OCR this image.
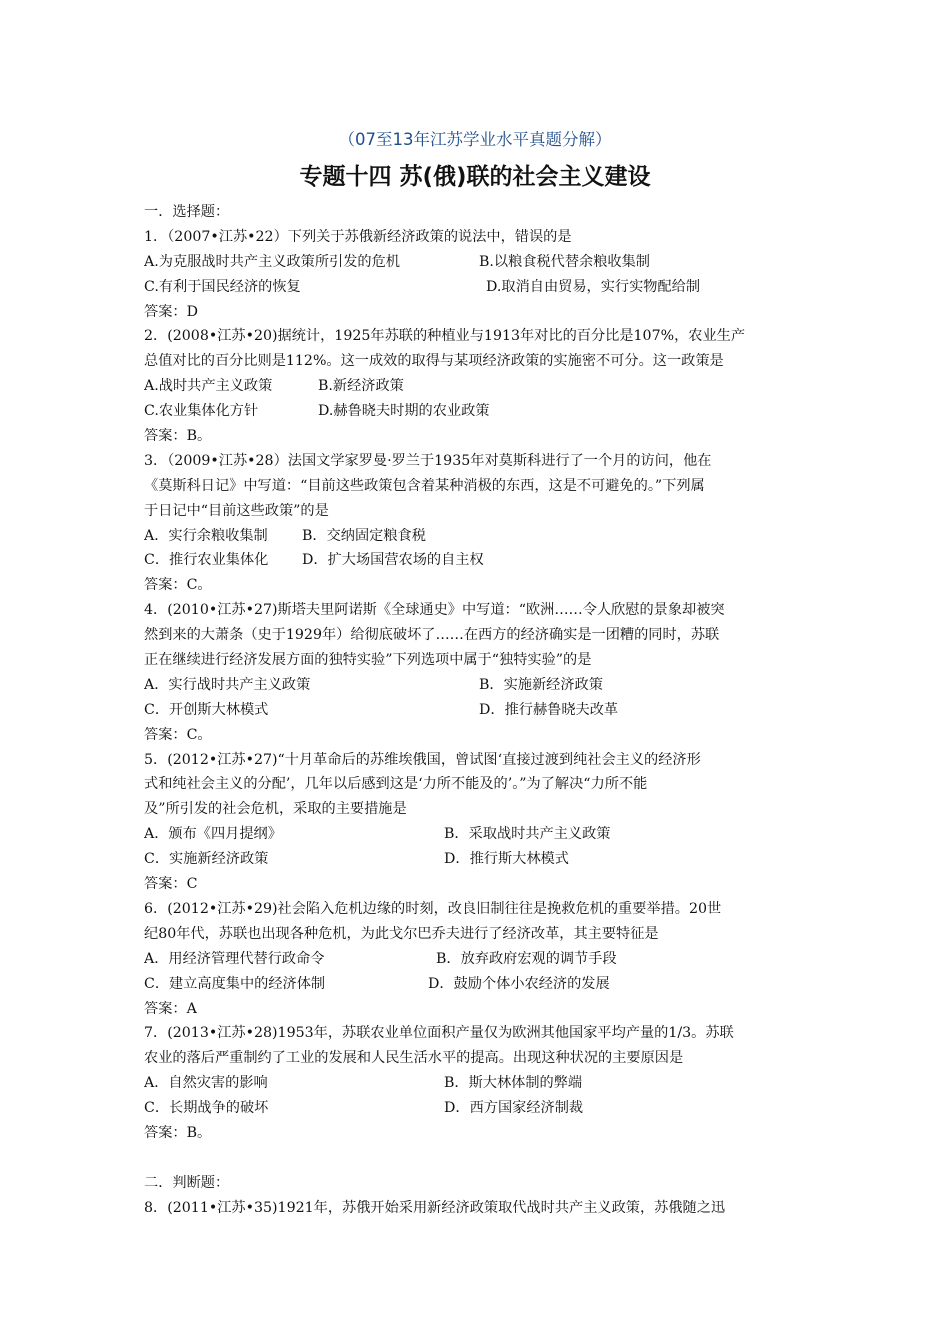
（07至13年江苏学业水平真题分解）
专题十四 苏(俄)联的社会主义建设
一．选择题：
1．（2007•江苏•22）下列关于苏俄新经济政策的说法中，错误的是
A.为克服战时共产主义政策所引发的危机	B.以粮食税代替余粮收集制
C.有利于国民经济的恢复	D.取消自由贸易，实行实物配给制
答案：D
2．(2008•江苏•20)据统计，1925年苏联的种植业与1913年对比的百分比是107%，农业生产
总值对比的百分比则是112%。这一成效的取得与某项经济政策的实施密不可分。这一政策是
A.战时共产主义政策	B.新经济政策
C.农业集体化方针	D.赫鲁晓夫时期的农业政策
答案：B。
3．（2009•江苏•28）法国文学家罗曼·罗兰于1935年对莫斯科进行了一个月的访问，他在
《莫斯科日记》中写道：“目前这些政策包含着某种消极的东西，这是不可避免的。”下列属
于日记中“目前这些政策”的是
A．实行余粮收集制	B．交纳固定粮食税
C．推行农业集体化	D．扩大场国营农场的自主权
答案：C。
4．(2010•江苏•27)斯塔夫里阿诺斯《全球通史》中写道：“欧洲……令人欣慰的景象却被突
然到来的大萧条（史于1929年）给彻底破坏了……在西方的经济确实是一团糟的同时，苏联
正在继续进行经济发展方面的独特实验”下列选项中属于“独特实验”的是
A．实行战时共产主义政策	B．实施新经济政策
C．开创斯大林模式	D．推行赫鲁晓夫改革
答案：C。
5．(2012•江苏•27)“十月革命后的苏维埃俄国，曾试图‘直接过渡到纯社会主义的经济形
式和纯社会主义的分配’，几年以后感到这是‘力所不能及的’。”为了解决“力所不能
及”所引发的社会危机，采取的主要措施是
A．颁布《四月提纲》	B．采取战时共产主义政策
C．实施新经济政策	D．推行斯大林模式
答案：C
6．(2012•江苏•29)社会陷入危机边缘的时刻，改良旧制往往是挽救危机的重要举措。20世
纪80年代，苏联也出现各种危机，为此戈尔巴乔夫进行了经济改革，其主要特征是
A．用经济管理代替行政命令	B．放弃政府宏观的调节手段
C．建立高度集中的经济体制	D．鼓励个体小农经济的发展
答案：A
7．(2013•江苏•28)1953年，苏联农业单位面积产量仅为欧洲其他国家平均产量的1/3。苏联
农业的落后严重制约了工业的发展和人民生活水平的提高。出现这种状况的主要原因是
A．自然灾害的影响	B．斯大林体制的弊端
C．长期战争的破坏	D．西方国家经济制裁
答案：B。
二．判断题：
8．(2011•江苏•35)1921年，苏俄开始采用新经济政策取代战时共产主义政策，苏俄随之迅
